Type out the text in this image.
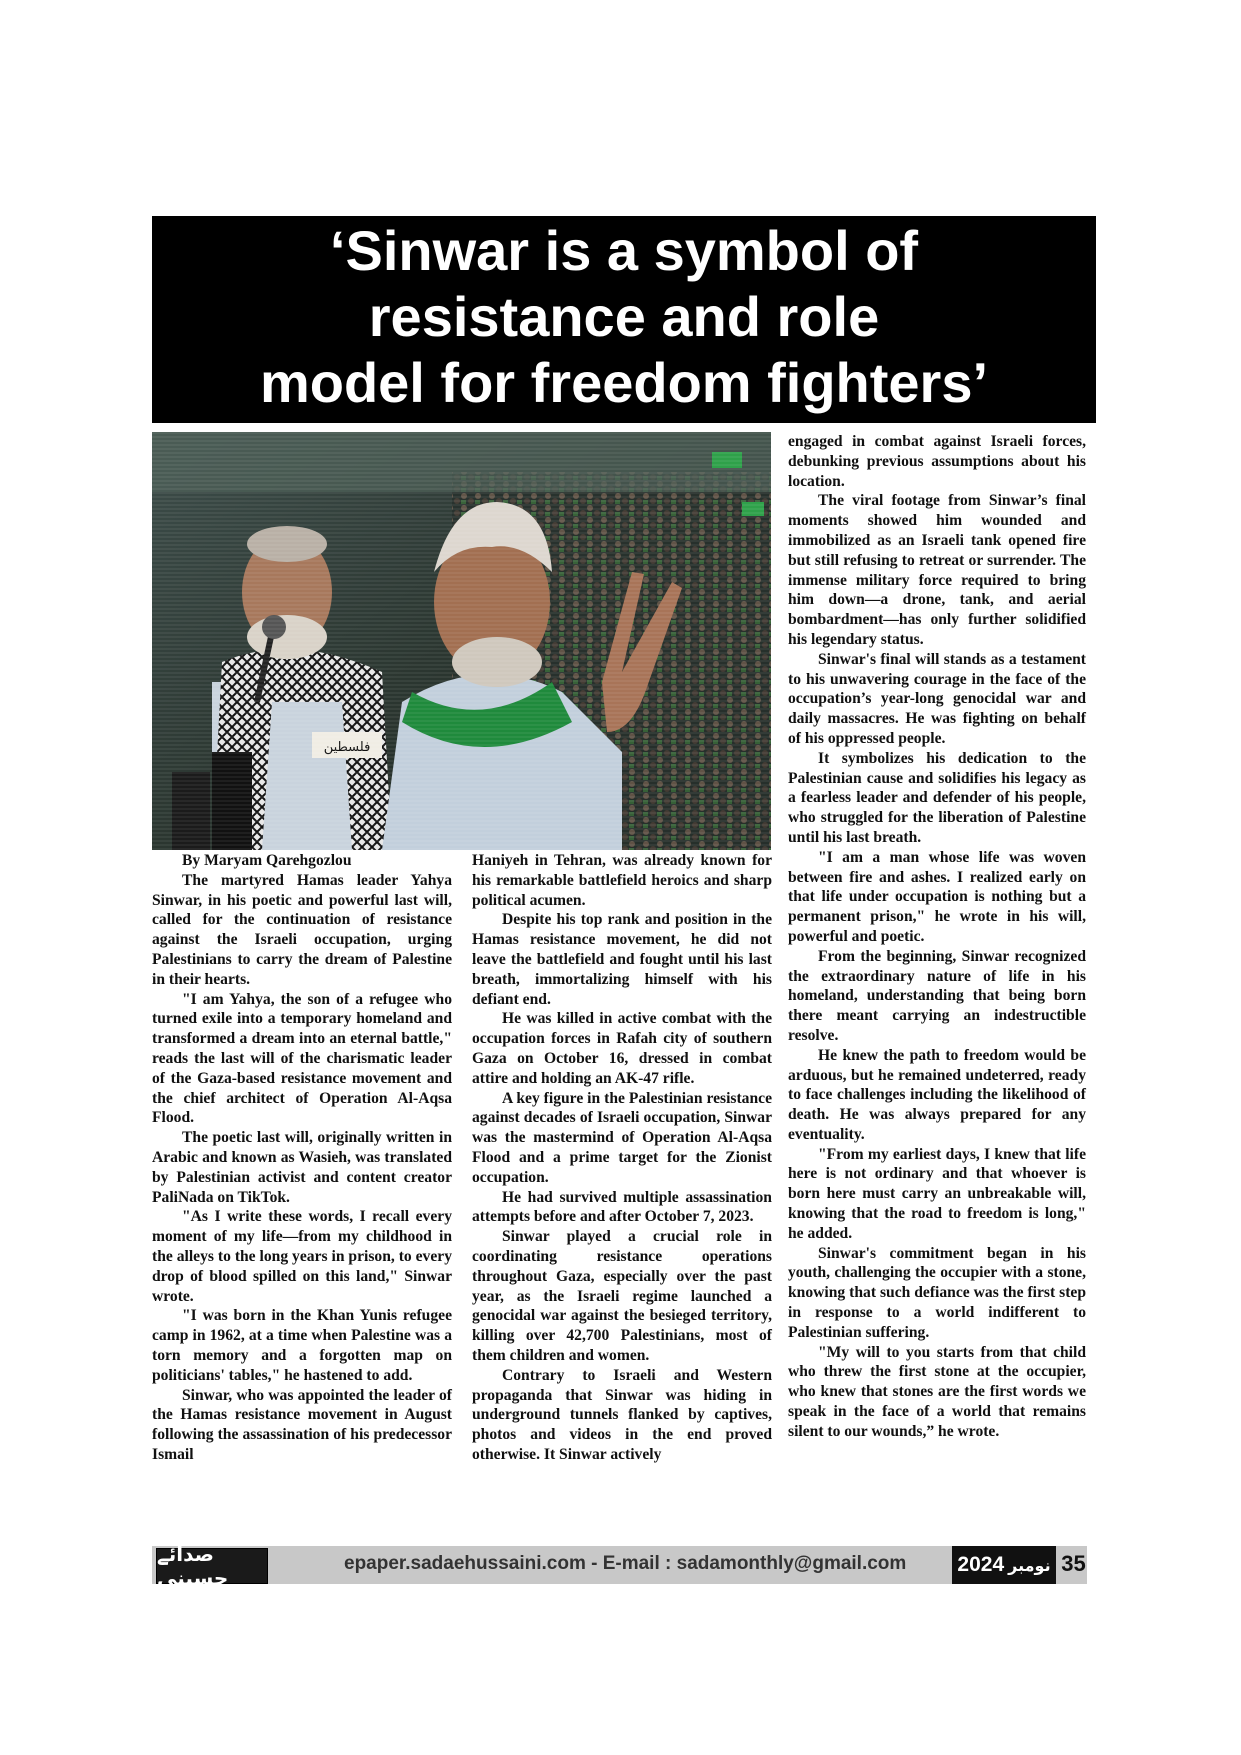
‘Sinwar is a symbol of
resistance and role
model for freedom fighters’

By Maryam Qarehgozlou

The martyred Hamas leader Yahya Sinwar, in his poetic and powerful last will, called for the continuation of resistance against the Israeli occupation, urging Palestinians to carry the dream of Palestine in their hearts.

"I am Yahya, the son of a refugee who turned exile into a temporary homeland and transformed a dream into an eternal battle," reads the last will of the charismatic leader of the Gaza-based resistance movement and the chief architect of Operation Al-Aqsa Flood.

The poetic last will, originally written in Arabic and known as Wasieh, was translated by Palestinian activist and content creator PaliNada on TikTok.

"As I write these words, I recall every moment of my life—from my childhood in the alleys to the long years in prison, to every drop of blood spilled on this land," Sinwar wrote.

"I was born in the Khan Yunis refugee camp in 1962, at a time when Palestine was a torn memory and a forgotten map on politicians' tables," he hastened to add.

Sinwar, who was appointed the leader of the Hamas resistance movement in August following the assassination of his predecessor Ismail

Haniyeh in Tehran, was already known for his remarkable battlefield heroics and sharp political acumen.

Despite his top rank and position in the Hamas resistance movement, he did not leave the battlefield and fought until his last breath, immortalizing himself with his defiant end.

He was killed in active combat with the occupation forces in Rafah city of southern Gaza on October 16, dressed in combat attire and holding an AK-47 rifle.

A key figure in the Palestinian resistance against decades of Israeli occupation, Sinwar was the mastermind of Operation Al-Aqsa Flood and a prime target for the Zionist occupation.

He had survived multiple assassination attempts before and after October 7, 2023.

Sinwar played a crucial role in coordinating resistance operations throughout Gaza, especially over the past year, as the Israeli regime launched a genocidal war against the besieged territory, killing over 42,700 Palestinians, most of them children and women.

Contrary to Israeli and Western propaganda that Sinwar was hiding in underground tunnels flanked by captives, photos and videos in the end proved otherwise. It Sinwar actively

engaged in combat against Israeli forces, debunking previous assumptions about his location.

The viral footage from Sinwar’s final moments showed him wounded and immobilized as an Israeli tank opened fire but still refusing to retreat or surrender. The immense military force required to bring him down—a drone, tank, and aerial bombardment—has only further solidified his legendary status.

Sinwar's final will stands as a testament to his unwavering courage in the face of the occupation’s year-long genocidal war and daily massacres. He was fighting on behalf of his oppressed people.

It symbolizes his dedication to the Palestinian cause and solidifies his legacy as a fearless leader and defender of his people, who struggled for the liberation of Palestine until his last breath.

"I am a man whose life was woven between fire and ashes. I realized early on that life under occupation is nothing but a permanent prison," he wrote in his will, powerful and poetic.

From the beginning, Sinwar recognized the extraordinary nature of life in his homeland, understanding that being born there meant carrying an indestructible resolve.

He knew the path to freedom would be arduous, but he remained undeterred, ready to face challenges including the likelihood of death. He was always prepared for any eventuality.

"From my earliest days, I knew that life here is not ordinary and that whoever is born here must carry an unbreakable will, knowing that the road to freedom is long," he added.

Sinwar's commitment began in his youth, challenging the occupier with a stone, knowing that such defiance was the first step in response to a world indifferent to Palestinian suffering.

"My will to you starts from that child who threw the first stone at the occupier, who knew that stones are the first words we speak in the face of a world that remains silent to our wounds,” he wrote.

صدائے حسینی
epaper.sadaehussaini.com - E-mail : sadamonthly@gmail.com 2024 نومبر 35
